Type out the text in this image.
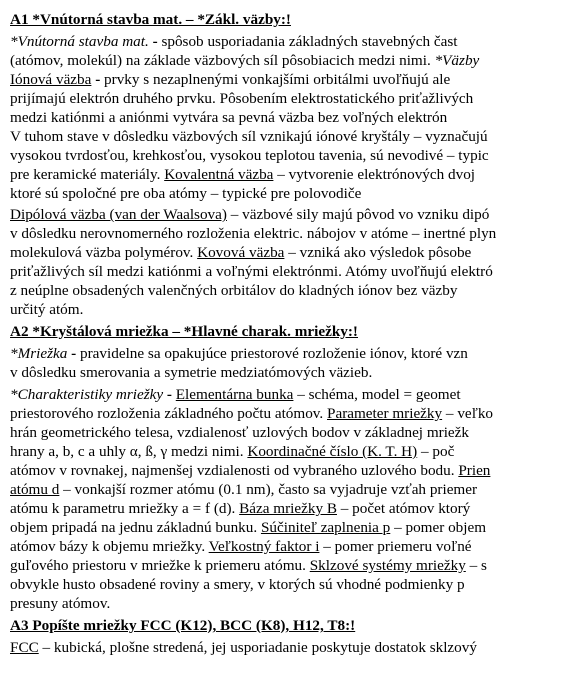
A1 *Vnútorná stavba mat. – *Zákl. väzby:!
*Vnútorná stavba mat. - spôsob usporiadania základných stavebných čast
(atómov, molekúl) na základe väzbových síl pôsobiacich medzi nimi. *Väzby
Iónová väzba - prvky s nezaplnenými vonkajšími orbitálmi uvoľňujú ale
prijímajú elektrón druhého prvku. Pôsobením elektrostatického priťažlivých
medzi katiónmi a aniónmi vytvára sa pevná väzba bez voľných elektrón
V tuhom stave v dôsledku väzbových síl vznikajú iónové kryštály – vyznačujú
vysokou tvrdosťou, krehkosťou, vysokou teplotou tavenia, sú nevodivé – typic
pre keramické materiály. Kovalentná väzba – vytvorenie elektrónových dvoj
ktoré sú spoločné pre oba atómy – typické pre polovodiče
Dipólová väzba (van der Waalsova) – väzbové sily majú pôvod vo vzniku dipó
v dôsledku nerovnomerného rozloženia elektric. nábojov v atóme – inertné plyn
molekulová väzba polymérov. Kovová väzba – vzniká ako výsledok pôsobe
priťažlivých síl medzi katiónmi a voľnými elektrónmi. Atómy uvoľňujú elektró
z neúplne obsadených valenčných orbitálov do kladných iónov bez väzby
určitý atóm.
A2 *Kryštálová mriežka – *Hlavné charak. mriežky:!
*Mriežka - pravidelne sa opakujúce priestorové rozloženie iónov, ktoré vzn
v dôsledku smerovania a symetrie medziatómových väzieb.
*Charakteristiky mriežky - Elementárna bunka – schéma, model = geomet
priestorového rozloženia základného počtu atómov. Parameter mriežky – veľko
hrán geometrického telesa, vzdialenosť uzlových bodov v základnej mriežk
hrany a, b, c a uhly α, ß, γ medzi nimi. Koordinačné číslo (K. T. H) – poč
atómov v rovnakej, najmenšej vzdialenosti od vybraného uzlového bodu. Prien
atómu d – vonkajší rozmer atómu (0.1 nm), často sa vyjadruje vzťah priemer
atómu k parametru mriežky a = f (d). Báza mriežky B – počet atómov ktorý
objem pripadá na jednu základnú bunku. Súčiniteľ zaplnenia p – pomer objem
atómov bázy k objemu mriežky. Veľkostný faktor i – pomer priemeru voľné
guľového priestoru v mriežke k priemeru atómu. Sklzové systémy mriežky – s
obvykle husto obsadené roviny a smery, v ktorých sú vhodné podmienky p
presuny atómov.
A3 Popíšte mriežky FCC (K12), BCC (K8), H12, T8:!
FCC – kubická, plošne stredená, jej usporiadanie poskytuje dostatok sklzový
